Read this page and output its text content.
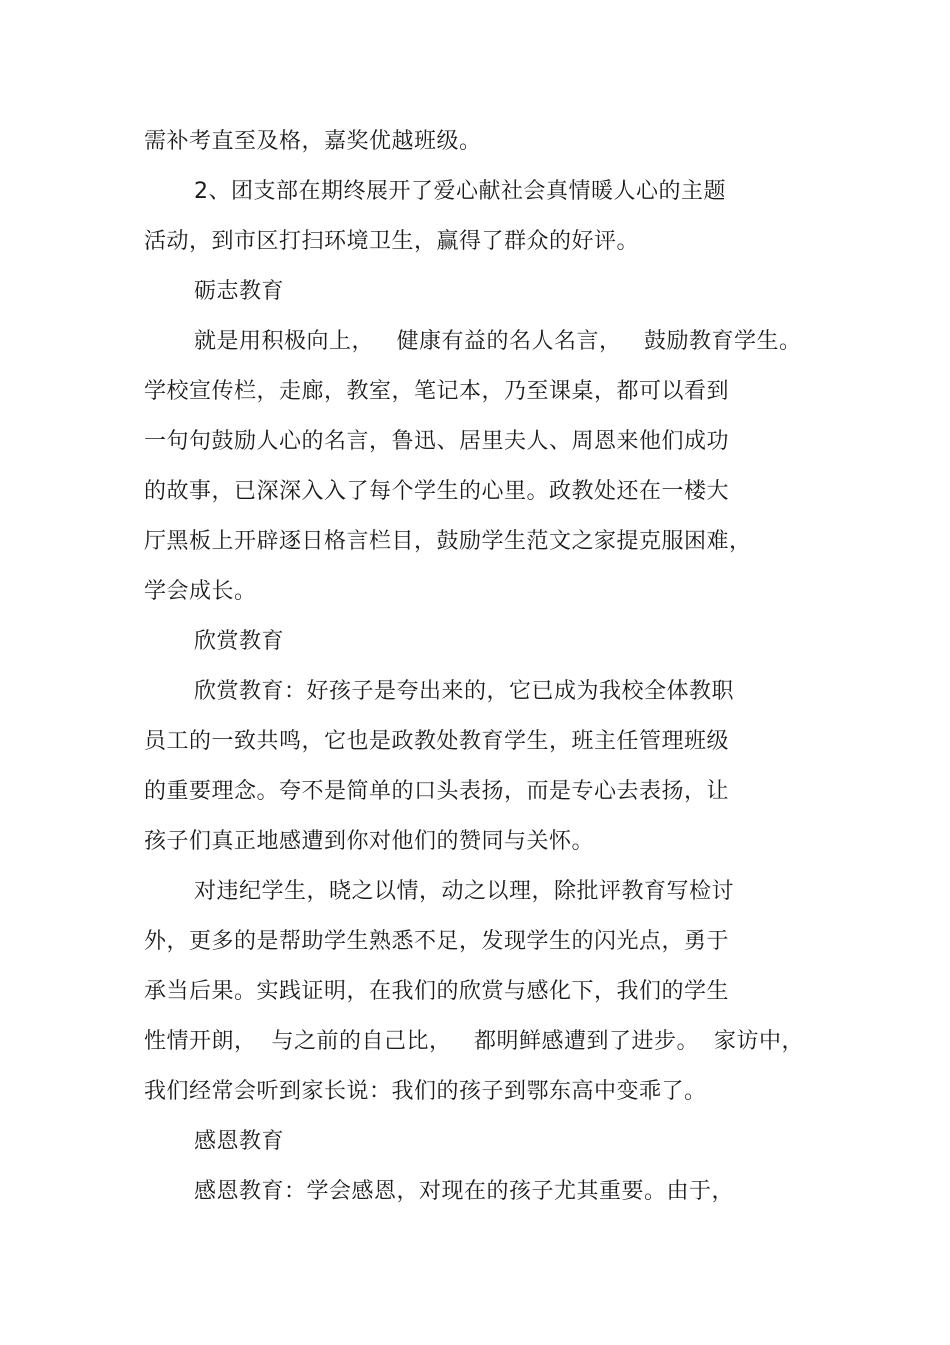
需补考直至及格，嘉奖优越班级。
2、团支部在期终展开了爱心献社会真情暖人心的主题
活动，到市区打扫环境卫生，赢得了群众的好评。
砺志教育
就是用积极向上，   健康有益的名人名言，   鼓励教育学生。
学校宣传栏，走廊，教室，笔记本，乃至课桌，都可以看到
一句句鼓励人心的名言，鲁迅、居里夫人、周恩来他们成功
的故事，已深深入入了每个学生的心里。政教处还在一楼大
厅黑板上开辟逐日格言栏目，鼓励学生范文之家提克服困难，
学会成长。
欣赏教育
欣赏教育：好孩子是夸出来的，它已成为我校全体教职
员工的一致共鸣，它也是政教处教育学生，班主任管理班级
的重要理念。夸不是简单的口头表扬，而是专心去表扬，让
孩子们真正地感遭到你对他们的赞同与关怀。
对违纪学生，晓之以情，动之以理，除批评教育写检讨
外，更多的是帮助学生熟悉不足，发现学生的闪光点，勇于
承当后果。实践证明，在我们的欣赏与感化下，我们的学生
性情开朗，  与之前的自己比，   都明鲜感遭到了进步。  家访中，
我们经常会听到家长说：我们的孩子到鄂东高中变乖了。
感恩教育
感恩教育：学会感恩，对现在的孩子尤其重要。由于，
